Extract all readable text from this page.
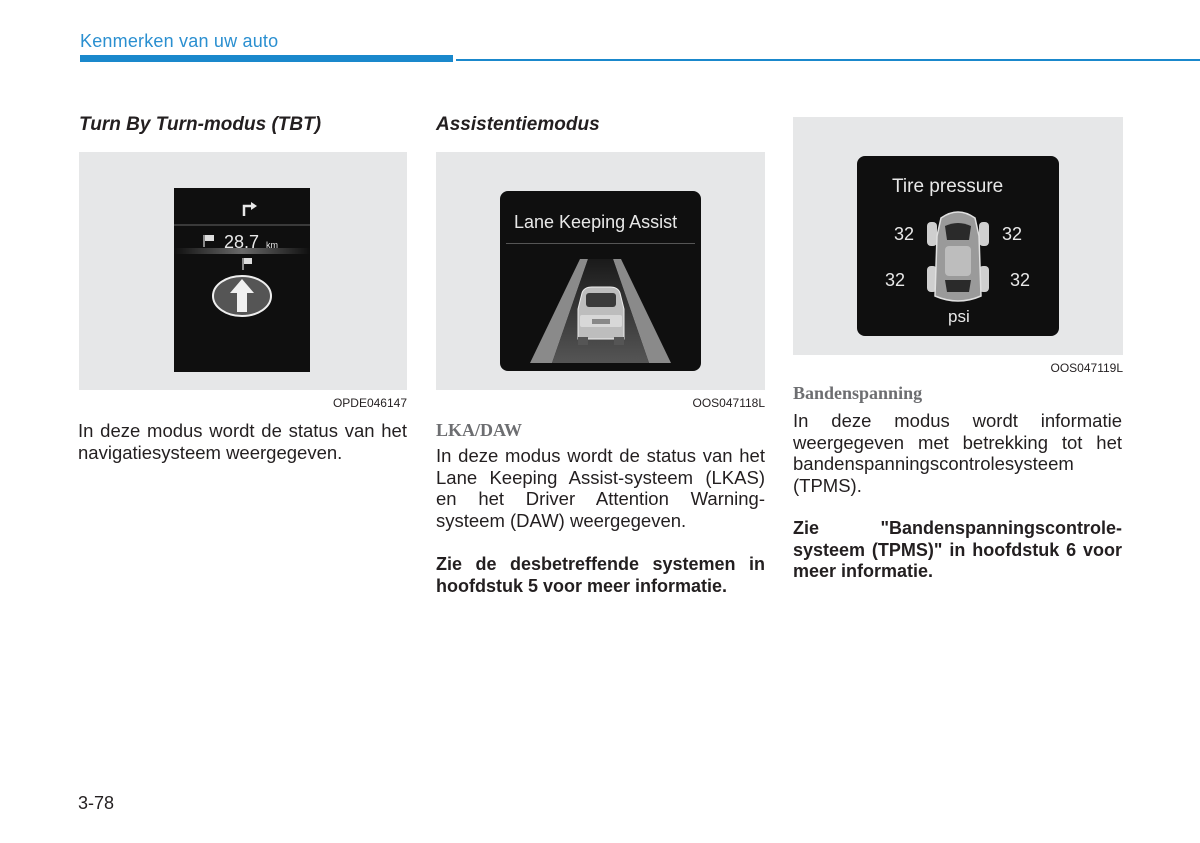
Kenmerken van uw auto
Turn By Turn-modus (TBT)
28.7 km
OPDE046147
In deze modus wordt de status van het navigatiesysteem weergegeven.
Assistentiemodus
Lane Keeping Assist
OOS047118L
LKA/DAW
In deze modus wordt de status van het Lane Keeping Assist-systeem (LKAS) en het Driver Attention Warning-systeem (DAW) weergegeven.
Zie de desbetreffende systemen in hoofdstuk 5 voor meer informatie.
Tire pressure
32	32
32	32
psi
OOS047119L
Bandenspanning
In deze modus wordt informatie weergegeven met betrekking tot het bandenspanningscontrolesysteem (TPMS).
Zie "Bandenspanningscontrole-systeem (TPMS)" in hoofdstuk 6 voor meer informatie.
3-78
